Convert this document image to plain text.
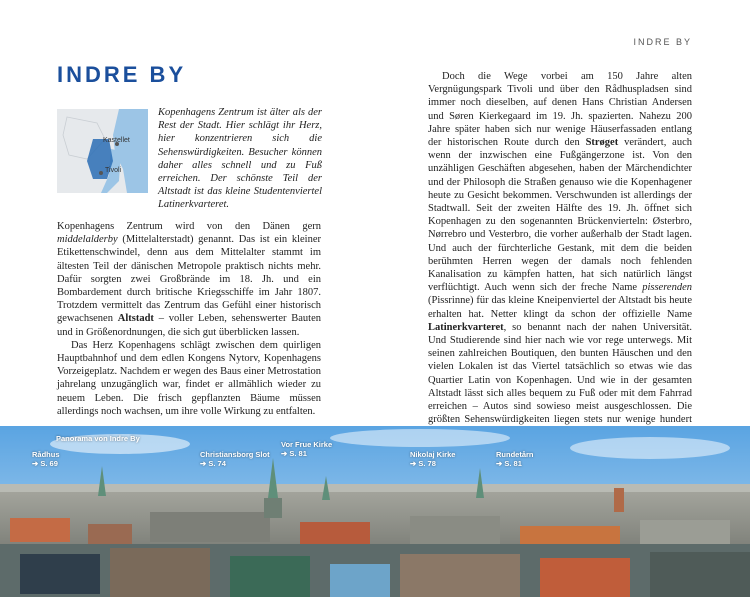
INDRE BY
INDRE BY
Kastellet
Tivoli

Kopenhagens Zentrum ist älter als der Rest der Stadt. Hier schlägt ihr Herz, hier konzentrieren sich die Sehenswürdigkeiten. Besucher können daher alles schnell und zu Fuß erreichen. Der schönste Teil der Altstadt ist das kleine Studentenviertel Latinerkvarteret.

Kopenhagens Zentrum wird von den Dänen gern middelalderby (Mittelalterstadt) genannt. Das ist ein kleiner Etikettenschwindel, denn aus dem Mittelalter stammt im ältesten Teil der dänischen Metropole praktisch nichts mehr. Dafür sorgten zwei Großbrände im 18. Jh. und ein Bombardement durch britische Kriegsschiffe im Jahr 1807. Trotzdem vermittelt das Zentrum das Gefühl einer historisch gewachsenen Altstadt – voller Leben, sehenswerter Bauten und in Größenordnungen, die sich gut überblicken lassen.

Das Herz Kopenhagens schlägt zwischen dem quirligen Hauptbahnhof und dem edlen Kongens Nytorv, Kopenhagens Vorzeigeplatz. Nachdem er wegen des Baus einer Metrostation jahrelang unzugänglich war, findet er allmählich wieder zu neuem Leben. Die frisch gepflanzten Bäume müssen allerdings noch wachsen, um ihre volle Wirkung zu entfalten.

Doch die Wege vorbei am 150 Jahre alten Vergnügungspark Tivoli und über den Rådhuspladsen sind immer noch dieselben, auf denen Hans Christian Andersen und Søren Kierkegaard im 19. Jh. spazierten. Nahezu 200 Jahre später haben sich nur wenige Häuserfassaden entlang der historischen Route durch den Strøget verändert, auch wenn der inzwischen eine Fußgängerzone ist. Von den unzähligen Geschäften abgesehen, haben der Märchendichter und der Philosoph die Straßen genauso wie die Kopenhagener heute zu Gesicht bekommen. Verschwunden ist allerdings der Stadtwall. Seit der zweiten Hälfte des 19. Jh. öffnet sich Kopenhagen zu den sogenannten Brückenvierteln: Østerbro, Nørrebro und Vesterbro, die vorher außerhalb der Stadt lagen. Und auch der fürchterliche Gestank, mit dem die beiden berühmten Herren wegen der damals noch fehlenden Kanalisation zu kämpfen hatten, hat sich natürlich längst verflüchtigt. Auch wenn sich der freche Name pisserenden (Pissrinne) für das kleine Kneipenviertel der Altstadt bis heute erhalten hat. Netter klingt da schon der offizielle Name Latinerkvarteret, so benannt nach der nahen Universität. Und Studierende sind hier nach wie vor rege unterwegs. Mit seinen zahlreichen Boutiquen, den bunten Häuschen und den vielen Lokalen ist das Viertel tatsächlich so etwas wie das Quartier Latin von Kopenhagen. Und wie in der gesamten Altstadt lässt sich alles bequem zu Fuß oder mit dem Fahrrad erreichen – Autos sind sowieso meist ausgeschlossen. Die größten Sehenswürdigkeiten liegen stets nur wenige hundert

Panorama von Indre By
Rådhus
➔ S. 69
Christiansborg Slot
➔ S. 74
Vor Frue Kirke
➔ S. 81	Nikolaj Kirke
➔ S. 78
Rundetårn
➔ S. 81
